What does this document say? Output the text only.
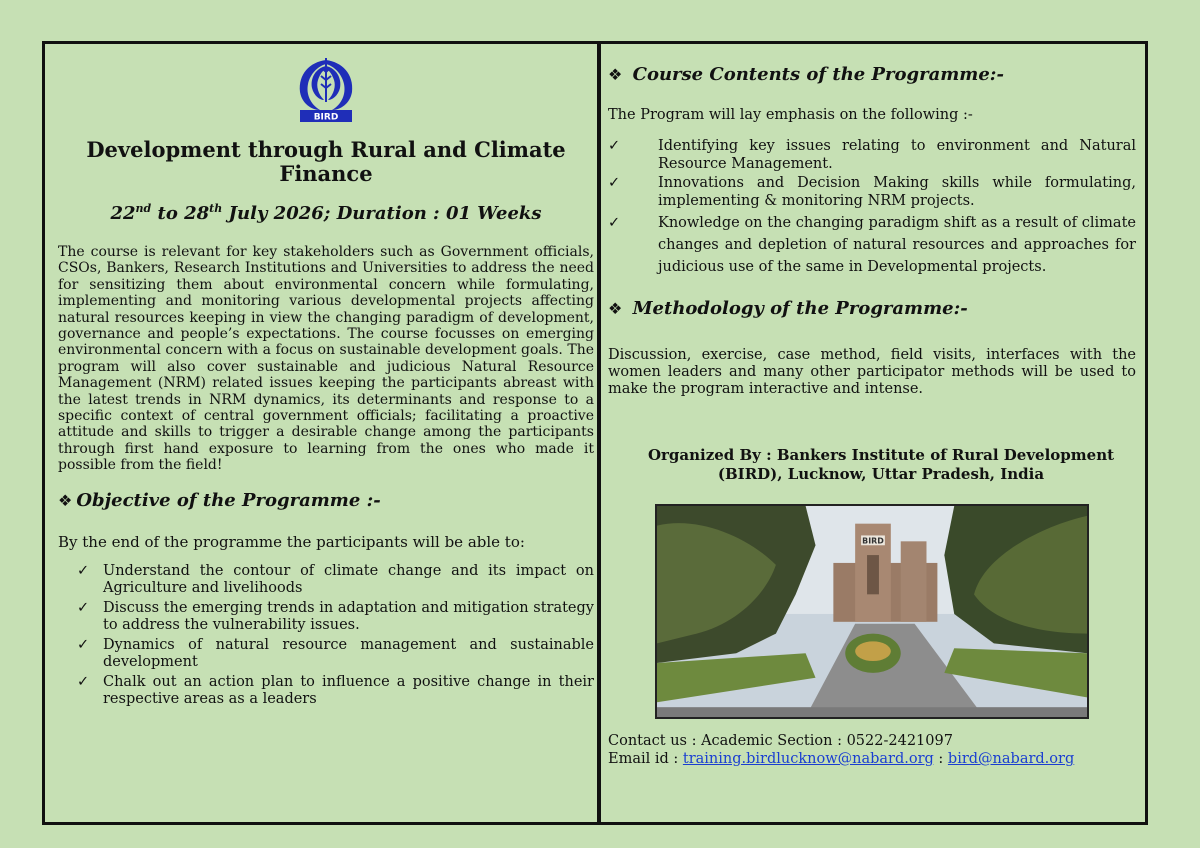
BIRD
Development through Rural and Climate Finance
22nd to 28th July 2026; Duration : 01 Weeks

The course is relevant for key stakeholders such as Government officials, CSOs, Bankers, Research Institutions and Universities to address the need for sensitizing them about environmental concern while formulating, implementing and monitoring various developmental projects affecting natural resources keeping in view the changing paradigm of development, governance and people’s expectations. The course focusses on emerging environmental concern with a focus on sustainable development goals. The program will also cover sustainable and judicious Natural Resource Management (NRM) related issues keeping the participants abreast with the latest trends in NRM dynamics, its determinants and response to a specific context of central government officials; facilitating a proactive attitude and skills to trigger a desirable change among the participants through first hand exposure to learning from the ones who made it possible from the field!

❖ Objective of the Programme :-
By the end of the programme the participants will be able to:
✓ Understand the contour of climate change and its impact on Agriculture and livelihoods
✓ Discuss the emerging trends in adaptation and mitigation strategy to address the vulnerability issues.
✓ Dynamics of natural resource management and sustainable development
✓ Chalk out an action plan to influence a positive change in their respective areas as a leaders
❖ Course Contents of the Programme:-
The Program will lay emphasis on the following :-
✓	Identifying key issues relating to environment and Natural Resource Management.
✓	Innovations and Decision Making skills while formulating, implementing & monitoring NRM projects.
✓	Knowledge on the changing paradigm shift as a result of climate changes and depletion of natural resources and approaches for judicious use of the same in Developmental projects.
❖ Methodology of the Programme:-

Discussion, exercise, case method, field visits, interfaces with the women leaders and many other participator methods will be used to make the program interactive and intense.

Organized By : Bankers Institute of Rural Development (BIRD), Lucknow, Uttar Pradesh, India
BIRD
Contact us : Academic Section : 0522-2421097
Email id : training.birdlucknow@nabard.org : bird@nabard.org
